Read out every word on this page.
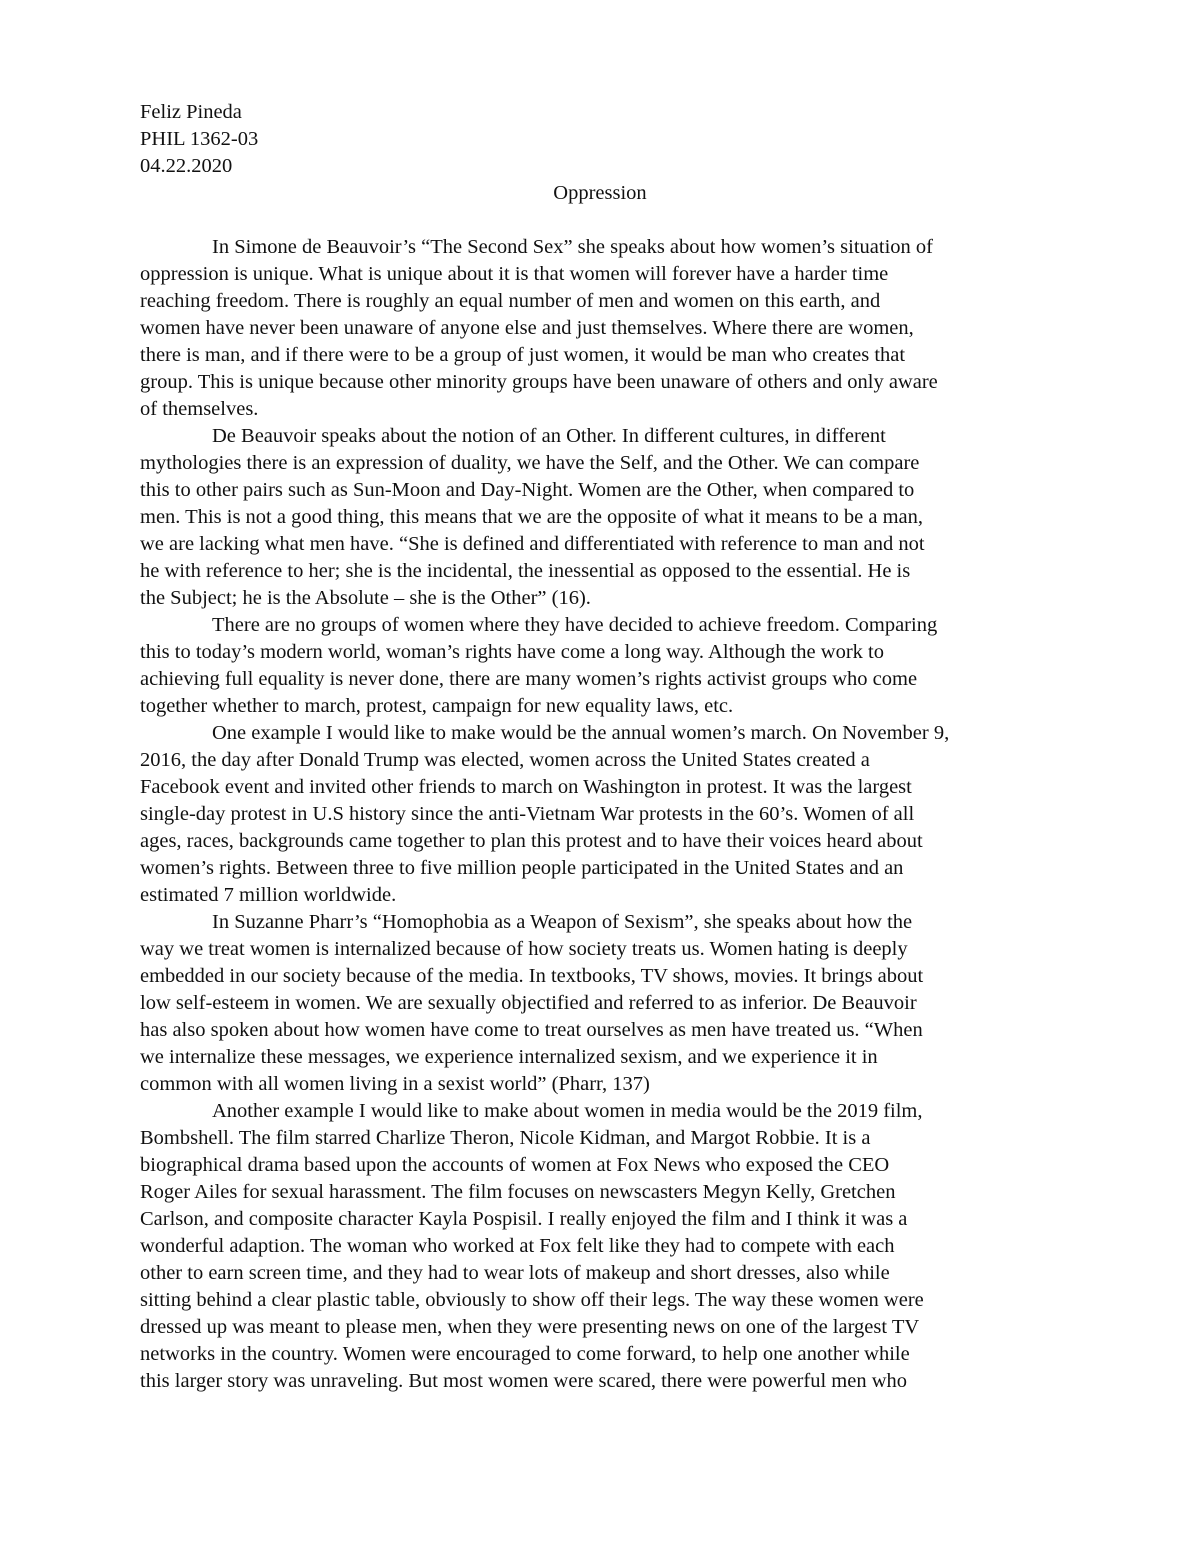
Feliz Pineda
PHIL 1362-03
04.22.2020
Oppression
In Simone de Beauvoir’s “The Second Sex” she speaks about how women’s situation of
oppression is unique. What is unique about it is that women will forever have a harder time
reaching freedom. There is roughly an equal number of men and women on this earth, and
women have never been unaware of anyone else and just themselves. Where there are women,
there is man, and if there were to be a group of just women, it would be man who creates that
group. This is unique because other minority groups have been unaware of others and only aware
of themselves.
De Beauvoir speaks about the notion of an Other. In different cultures, in different
mythologies there is an expression of duality, we have the Self, and the Other. We can compare
this to other pairs such as Sun-Moon and Day-Night. Women are the Other, when compared to
men. This is not a good thing, this means that we are the opposite of what it means to be a man,
we are lacking what men have. “She is defined and differentiated with reference to man and not
he with reference to her; she is the incidental, the inessential as opposed to the essential. He is
the Subject; he is the Absolute – she is the Other” (16).
There are no groups of women where they have decided to achieve freedom. Comparing
this to today’s modern world, woman’s rights have come a long way. Although the work to
achieving full equality is never done, there are many women’s rights activist groups who come
together whether to march, protest, campaign for new equality laws, etc.
One example I would like to make would be the annual women’s march. On November 9,
2016, the day after Donald Trump was elected, women across the United States created a
Facebook event and invited other friends to march on Washington in protest. It was the largest
single-day protest in U.S history since the anti-Vietnam War protests in the 60’s. Women of all
ages, races, backgrounds came together to plan this protest and to have their voices heard about
women’s rights. Between three to five million people participated in the United States and an
estimated 7 million worldwide.
In Suzanne Pharr’s “Homophobia as a Weapon of Sexism”, she speaks about how the
way we treat women is internalized because of how society treats us. Women hating is deeply
embedded in our society because of the media. In textbooks, TV shows, movies. It brings about
low self-esteem in women. We are sexually objectified and referred to as inferior. De Beauvoir
has also spoken about how women have come to treat ourselves as men have treated us. “When
we internalize these messages, we experience internalized sexism, and we experience it in
common with all women living in a sexist world” (Pharr, 137)
Another example I would like to make about women in media would be the 2019 film,
Bombshell. The film starred Charlize Theron, Nicole Kidman, and Margot Robbie. It is a
biographical drama based upon the accounts of women at Fox News who exposed the CEO
Roger Ailes for sexual harassment. The film focuses on newscasters Megyn Kelly, Gretchen
Carlson, and composite character Kayla Pospisil. I really enjoyed the film and I think it was a
wonderful adaption. The woman who worked at Fox felt like they had to compete with each
other to earn screen time, and they had to wear lots of makeup and short dresses, also while
sitting behind a clear plastic table, obviously to show off their legs. The way these women were
dressed up was meant to please men, when they were presenting news on one of the largest TV
networks in the country. Women were encouraged to come forward, to help one another while
this larger story was unraveling. But most women were scared, there were powerful men who
